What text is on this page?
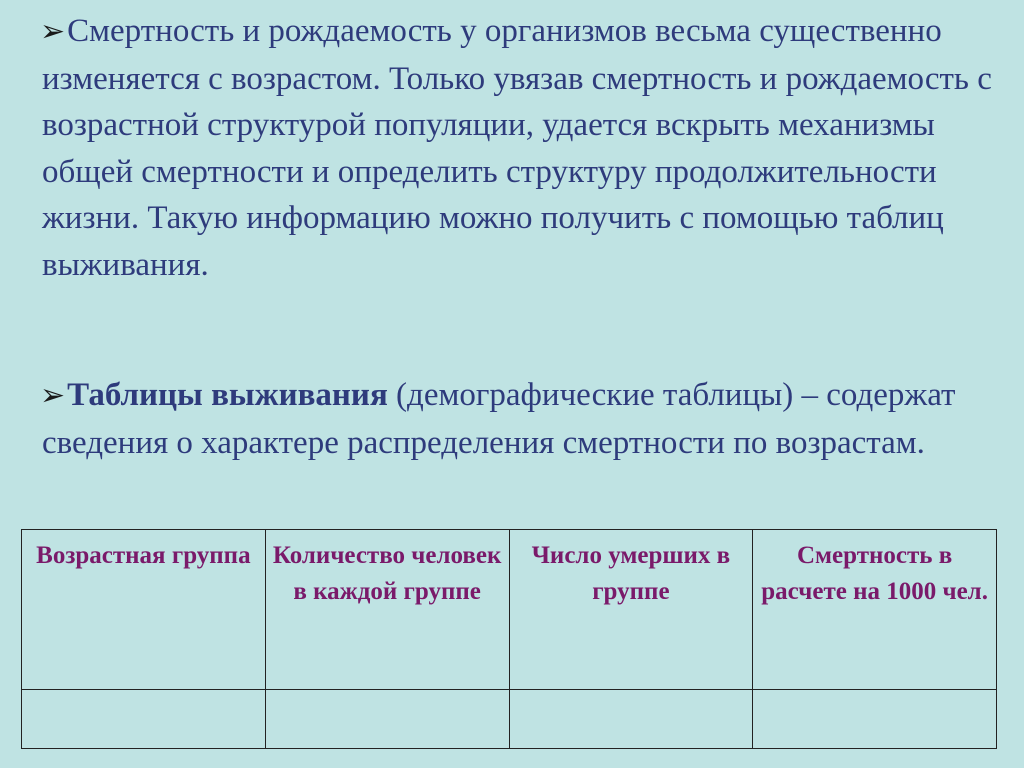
➢Смертность и рождаемость у организмов весьма существенно изменяется с возрастом. Только увязав смертность и рождаемость с возрастной структурой популяции, удается вскрыть механизмы общей смертности и определить структуру продолжительности жизни. Такую информацию можно получить с помощью таблиц выживания.
➢Таблицы выживания (демографические таблицы) – содержат сведения о характере распределения смертности по возрастам.
Возрастная группа	Количество человек в каждой группе	Число умерших в группе	Смертность в расчете на 1000 чел.
